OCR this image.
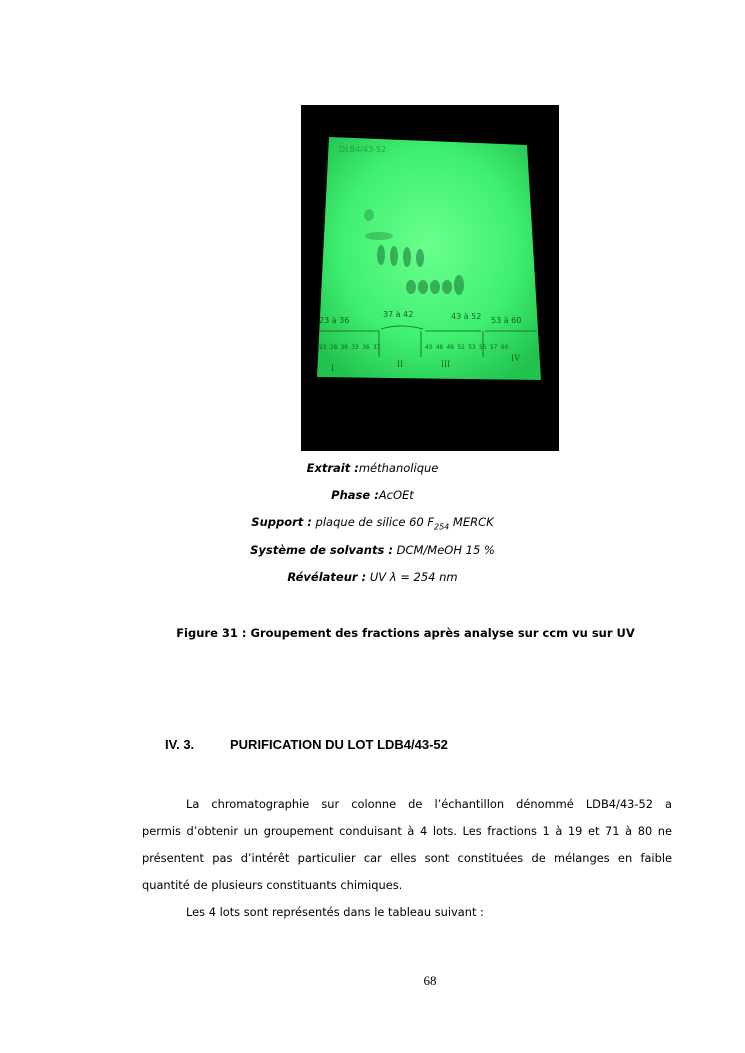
DLB4/43-52
23 à 36
37 à 42	43 à 52 53 à 60
23 28 30 33 36 37	43 46 49 52 53 55 57 60
I	II	III
IV
Extrait :méthanolique
Phase :AcOEt
Support : plaque de silice 60 $F_{254}$ MERCK
Système de solvants : DCM/MeOH 15 %
Révélateur : UV λ = 254 nm
Figure 31 : Groupement des fractions après analyse sur ccm vu sur UV
IV. 3.	PURIFICATION DU LOT LDB4/43-52
La chromatographie sur colonne de l’échantillon dénommé LDB4/43-52 a
permis d’obtenir un groupement conduisant à 4 lots. Les fractions 1 à 19 et 71 à 80 ne
présentent pas d’intérêt particulier car elles sont constituées de mélanges en faible
quantité de plusieurs constituants chimiques.
Les 4 lots sont représentés dans le tableau suivant :
68
